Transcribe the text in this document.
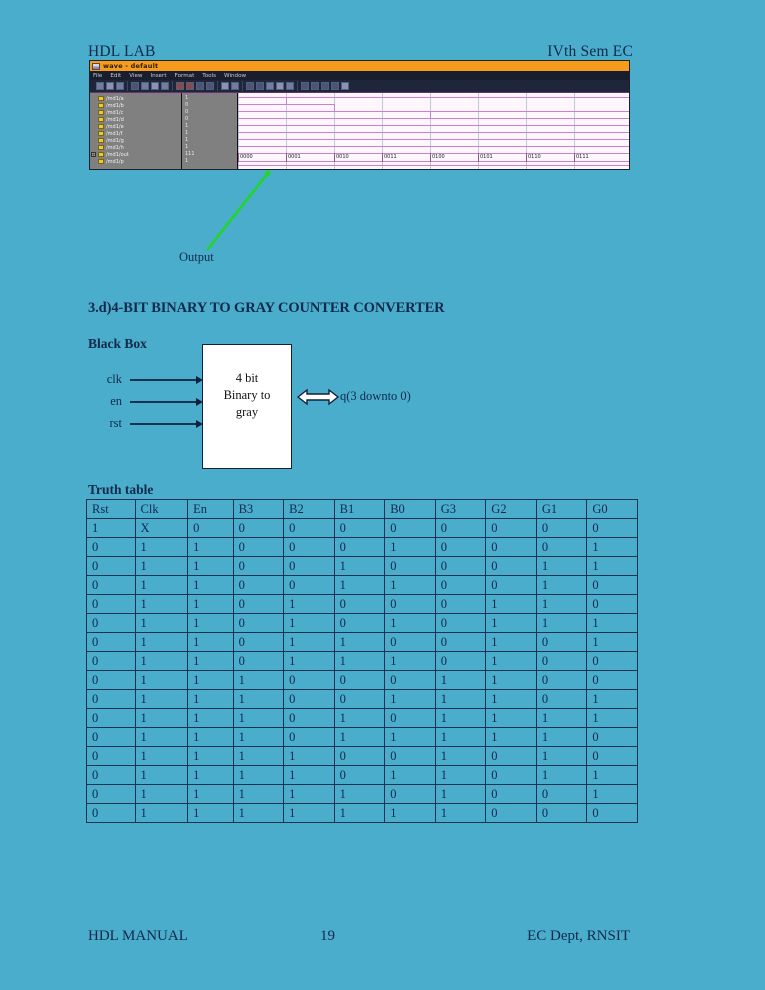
HDL LAB	IVth Sem EC
wave - default
File Edit View Insert Format Tools Window
/md1/a
/md1/b
/md1/c
/md1/d
/md1/e
/md1/f
/md1/g
/md1/h
+ /md1/out
/md1/p
1
0
0
0
1
1
1
1
111
1
0000	0001	0010	0011	0100	0101	0110	0111
Output
3.d)4-BIT BINARY TO GRAY COUNTER CONVERTER
Black Box
clk
en
rst
4 bit
Binary to
gray
q(3 downto 0)
Truth table
Rst	Clk	En	B3	B2	B1	B0	G3	G2	G1	G0
1	X	0	0	0	0	0	0	0	0	0
0	1	1	0	0	0	1	0	0	0	1
0	1	1	0	0	1	0	0	0	1	1
0	1	1	0	0	1	1	0	0	1	0
0	1	1	0	1	0	0	0	1	1	0
0	1	1	0	1	0	1	0	1	1	1
0	1	1	0	1	1	0	0	1	0	1
0	1	1	0	1	1	1	0	1	0	0
0	1	1	1	0	0	0	1	1	0	0
0	1	1	1	0	0	1	1	1	0	1
0	1	1	1	0	1	0	1	1	1	1
0	1	1	1	0	1	1	1	1	1	0
0	1	1	1	1	0	0	1	0	1	0
0	1	1	1	1	0	1	1	0	1	1
0	1	1	1	1	1	0	1	0	0	1
0	1	1	1	1	1	1	1	0	0	0
HDL MANUAL	19	EC Dept, RNSIT
